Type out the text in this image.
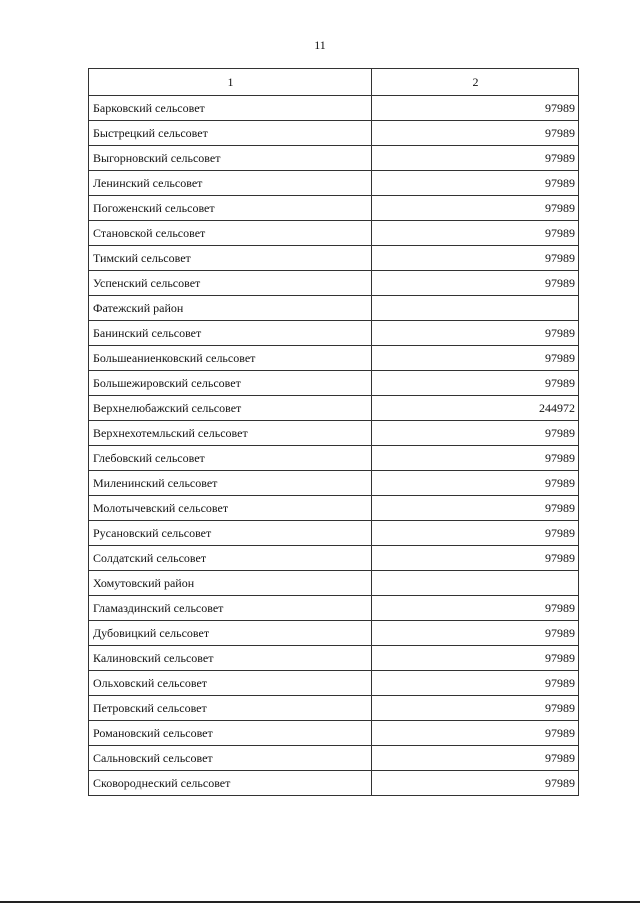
11
1	2
Барковский сельсовет	97989
Быстрецкий сельсовет	97989
Выгорновский сельсовет	97989
Ленинский сельсовет	97989
Погоженский сельсовет	97989
Становской сельсовет	97989
Тимский сельсовет	97989
Успенский сельсовет	97989
Фатежский район	
Банинский сельсовет	97989
Большеаниенковский сельсовет	97989
Большежировский сельсовет	97989
Верхнелюбажский сельсовет	244972
Верхнехотемльский сельсовет	97989
Глебовский сельсовет	97989
Миленинский сельсовет	97989
Молотычевский сельсовет	97989
Русановский сельсовет	97989
Солдатский сельсовет	97989
Хомутовский район	
Гламаздинский сельсовет	97989
Дубовицкий сельсовет	97989
Калиновский сельсовет	97989
Ольховский сельсовет	97989
Петровский сельсовет	97989
Романовский сельсовет	97989
Сальновский сельсовет	97989
Сковороднеский сельсовет	97989
